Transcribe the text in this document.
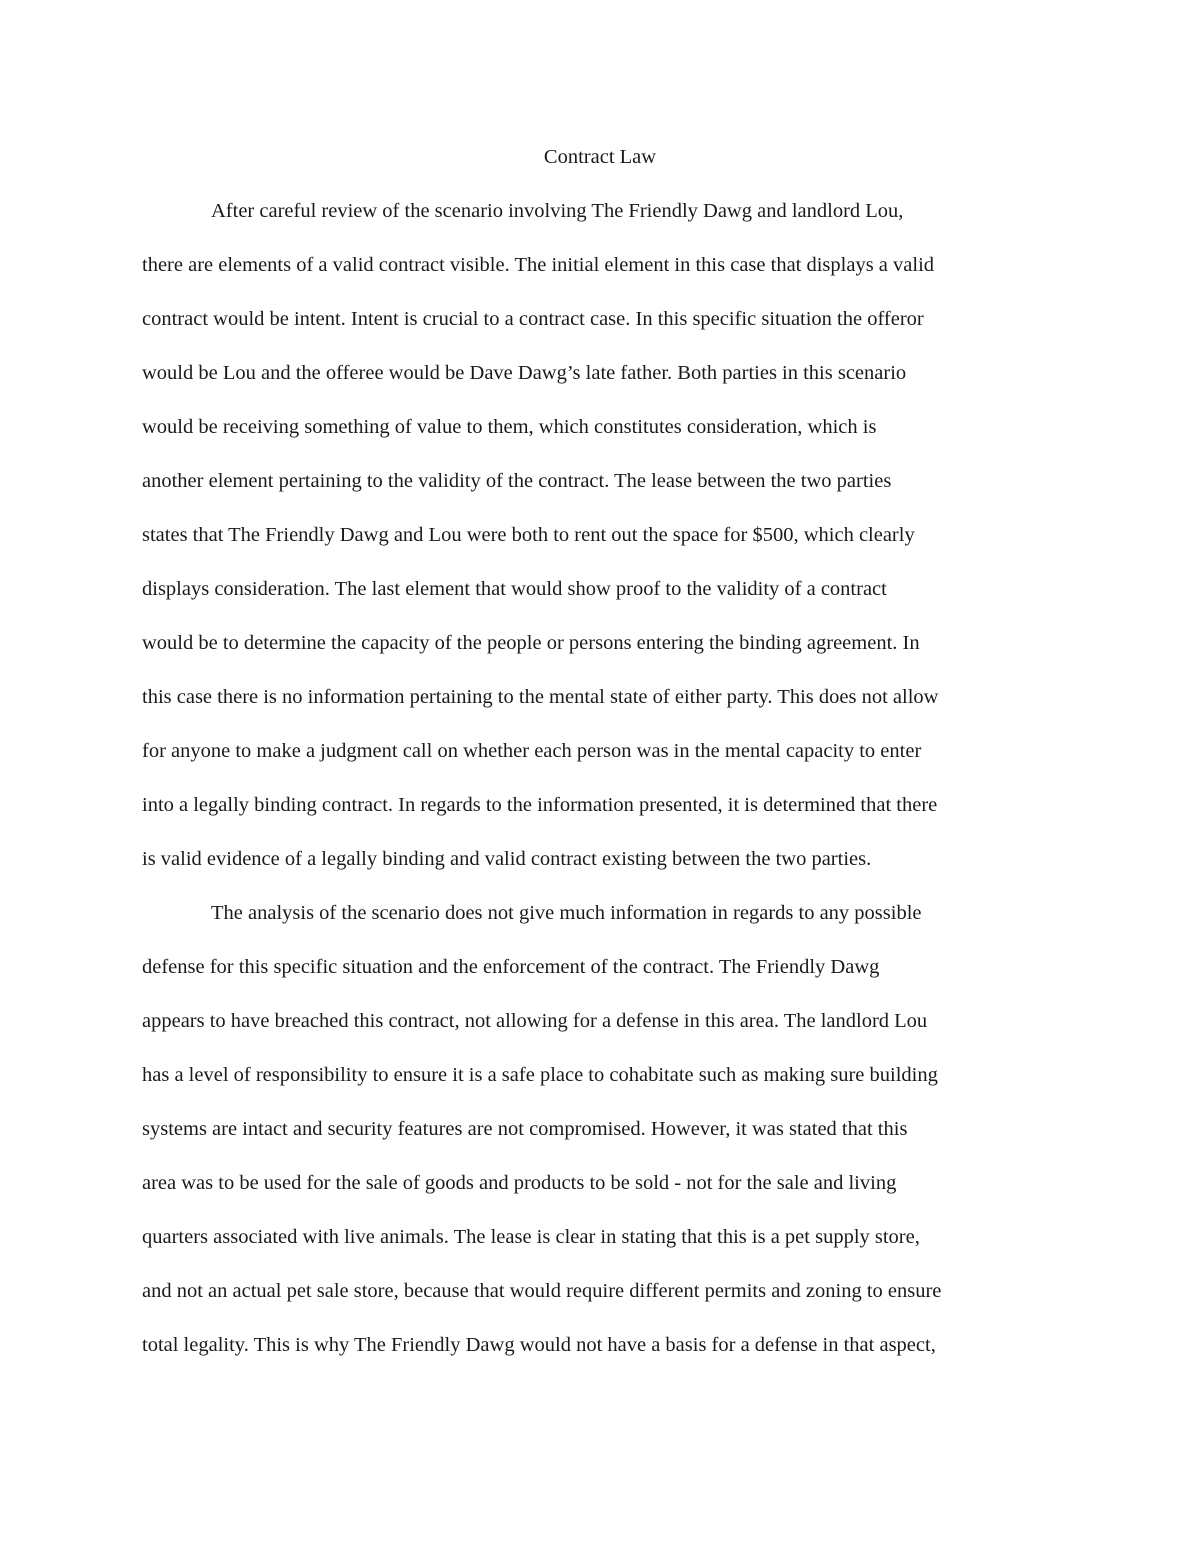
Contract Law

After careful review of the scenario involving The Friendly Dawg and landlord Lou,

there are elements of a valid contract visible. The initial element in this case that displays a valid

contract would be intent. Intent is crucial to a contract case. In this specific situation the offeror

would be Lou and the offeree would be Dave Dawg’s late father. Both parties in this scenario

would be receiving something of value to them, which constitutes consideration, which is

another element pertaining to the validity of the contract. The lease between the two parties

states that The Friendly Dawg and Lou were both to rent out the space for $500, which clearly

displays consideration. The last element that would show proof to the validity of a contract

would be to determine the capacity of the people or persons entering the binding agreement. In

this case there is no information pertaining to the mental state of either party. This does not allow

for anyone to make a judgment call on whether each person was in the mental capacity to enter

into a legally binding contract. In regards to the information presented, it is determined that there

is valid evidence of a legally binding and valid contract existing between the two parties.

The analysis of the scenario does not give much information in regards to any possible

defense for this specific situation and the enforcement of the contract. The Friendly Dawg

appears to have breached this contract, not allowing for a defense in this area. The landlord Lou

has a level of responsibility to ensure it is a safe place to cohabitate such as making sure building

systems are intact and security features are not compromised. However, it was stated that this

area was to be used for the sale of goods and products to be sold - not for the sale and living

quarters associated with live animals. The lease is clear in stating that this is a pet supply store,

and not an actual pet sale store, because that would require different permits and zoning to ensure

total legality. This is why The Friendly Dawg would not have a basis for a defense in that aspect,
